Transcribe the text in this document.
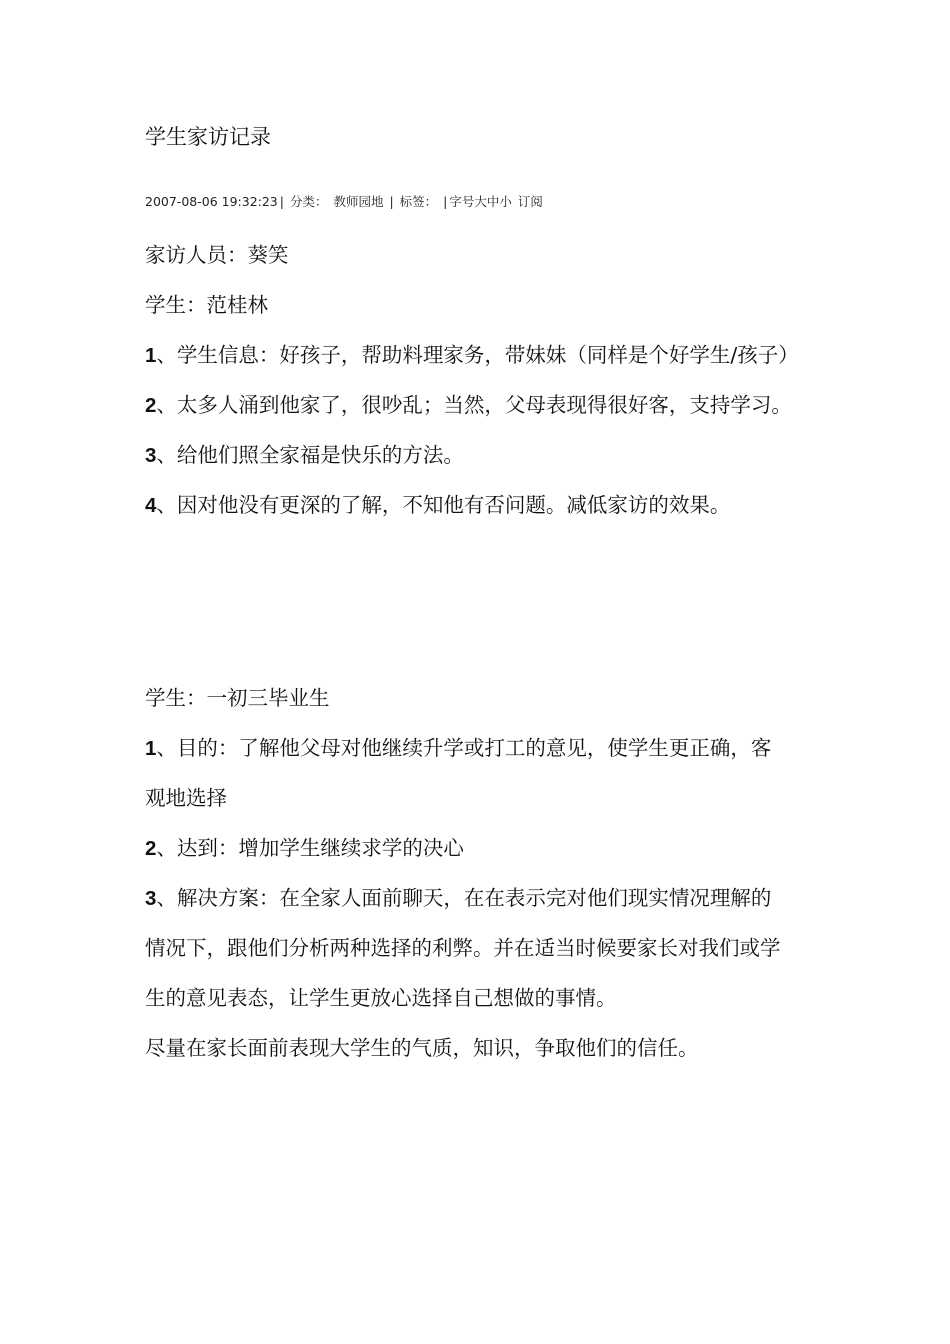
学生家访记录
2007-08-06 19:32:23 | 分类： 教师园地 | 标签： | 字号大中小 订阅
家访人员：葵笑
学生：范桂林
1、学生信息：好孩子，帮助料理家务，带妹妹（同样是个好学生/孩子）
2、太多人涌到他家了，很吵乱；当然，父母表现得很好客，支持学习。
3、给他们照全家福是快乐的方法。
4、因对他没有更深的了解，不知他有否问题。减低家访的效果。
学生：一初三毕业生
1、目的：了解他父母对他继续升学或打工的意见，使学生更正确，客
观地选择
2、达到：增加学生继续求学的决心
3、解决方案：在全家人面前聊天，在在表示完对他们现实情况理解的
情况下，跟他们分析两种选择的利弊。并在适当时候要家长对我们或学
生的意见表态，让学生更放心选择自己想做的事情。
尽量在家长面前表现大学生的气质，知识，争取他们的信任。
